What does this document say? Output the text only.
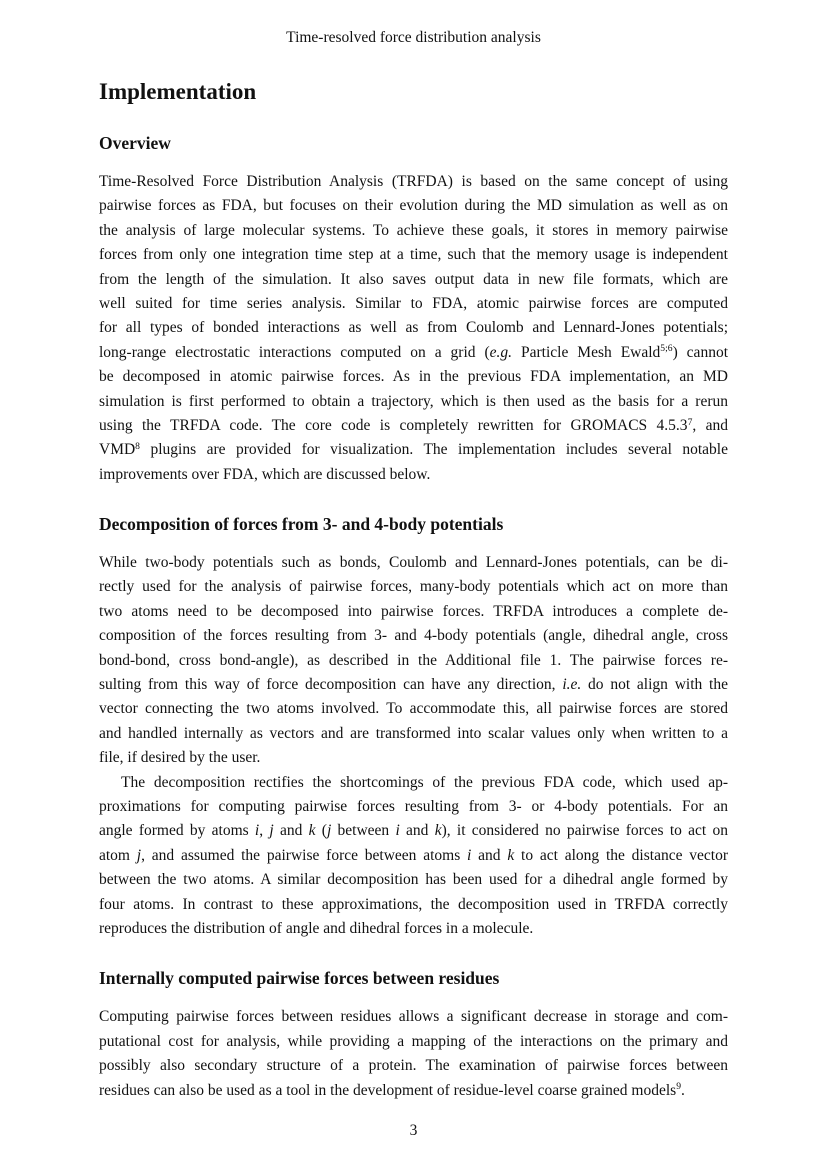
Time-resolved force distribution analysis
Implementation
Overview
Time-Resolved Force Distribution Analysis (TRFDA) is based on the same concept of using
pairwise forces as FDA, but focuses on their evolution during the MD simulation as well as on
the analysis of large molecular systems. To achieve these goals, it stores in memory pairwise
forces from only one integration time step at a time, such that the memory usage is independent
from the length of the simulation. It also saves output data in new file formats, which are
well suited for time series analysis. Similar to FDA, atomic pairwise forces are computed
for all types of bonded interactions as well as from Coulomb and Lennard-Jones potentials;
long-range electrostatic interactions computed on a grid (e.g. Particle Mesh Ewald$^{5;6}$) cannot
be decomposed in atomic pairwise forces. As in the previous FDA implementation, an MD
simulation is first performed to obtain a trajectory, which is then used as the basis for a rerun
using the TRFDA code. The core code is completely rewritten for GROMACS 4.5.3$^7$, and
VMD$^8$ plugins are provided for visualization. The implementation includes several notable
improvements over FDA, which are discussed below.
Decomposition of forces from 3- and 4-body potentials
While two-body potentials such as bonds, Coulomb and Lennard-Jones potentials, can be di-
rectly used for the analysis of pairwise forces, many-body potentials which act on more than
two atoms need to be decomposed into pairwise forces. TRFDA introduces a complete de-
composition of the forces resulting from 3- and 4-body potentials (angle, dihedral angle, cross
bond-bond, cross bond-angle), as described in the Additional file 1. The pairwise forces re-
sulting from this way of force decomposition can have any direction, i.e. do not align with the
vector connecting the two atoms involved. To accommodate this, all pairwise forces are stored
and handled internally as vectors and are transformed into scalar values only when written to a
file, if desired by the user.
The decomposition rectifies the shortcomings of the previous FDA code, which used ap-
proximations for computing pairwise forces resulting from 3- or 4-body potentials. For an
angle formed by atoms i, j and k (j between i and k), it considered no pairwise forces to act on
atom j, and assumed the pairwise force between atoms i and k to act along the distance vector
between the two atoms. A similar decomposition has been used for a dihedral angle formed by
four atoms. In contrast to these approximations, the decomposition used in TRFDA correctly
reproduces the distribution of angle and dihedral forces in a molecule.
Internally computed pairwise forces between residues
Computing pairwise forces between residues allows a significant decrease in storage and com-
putational cost for analysis, while providing a mapping of the interactions on the primary and
possibly also secondary structure of a protein. The examination of pairwise forces between
residues can also be used as a tool in the development of residue-level coarse grained models$^9$.
3
